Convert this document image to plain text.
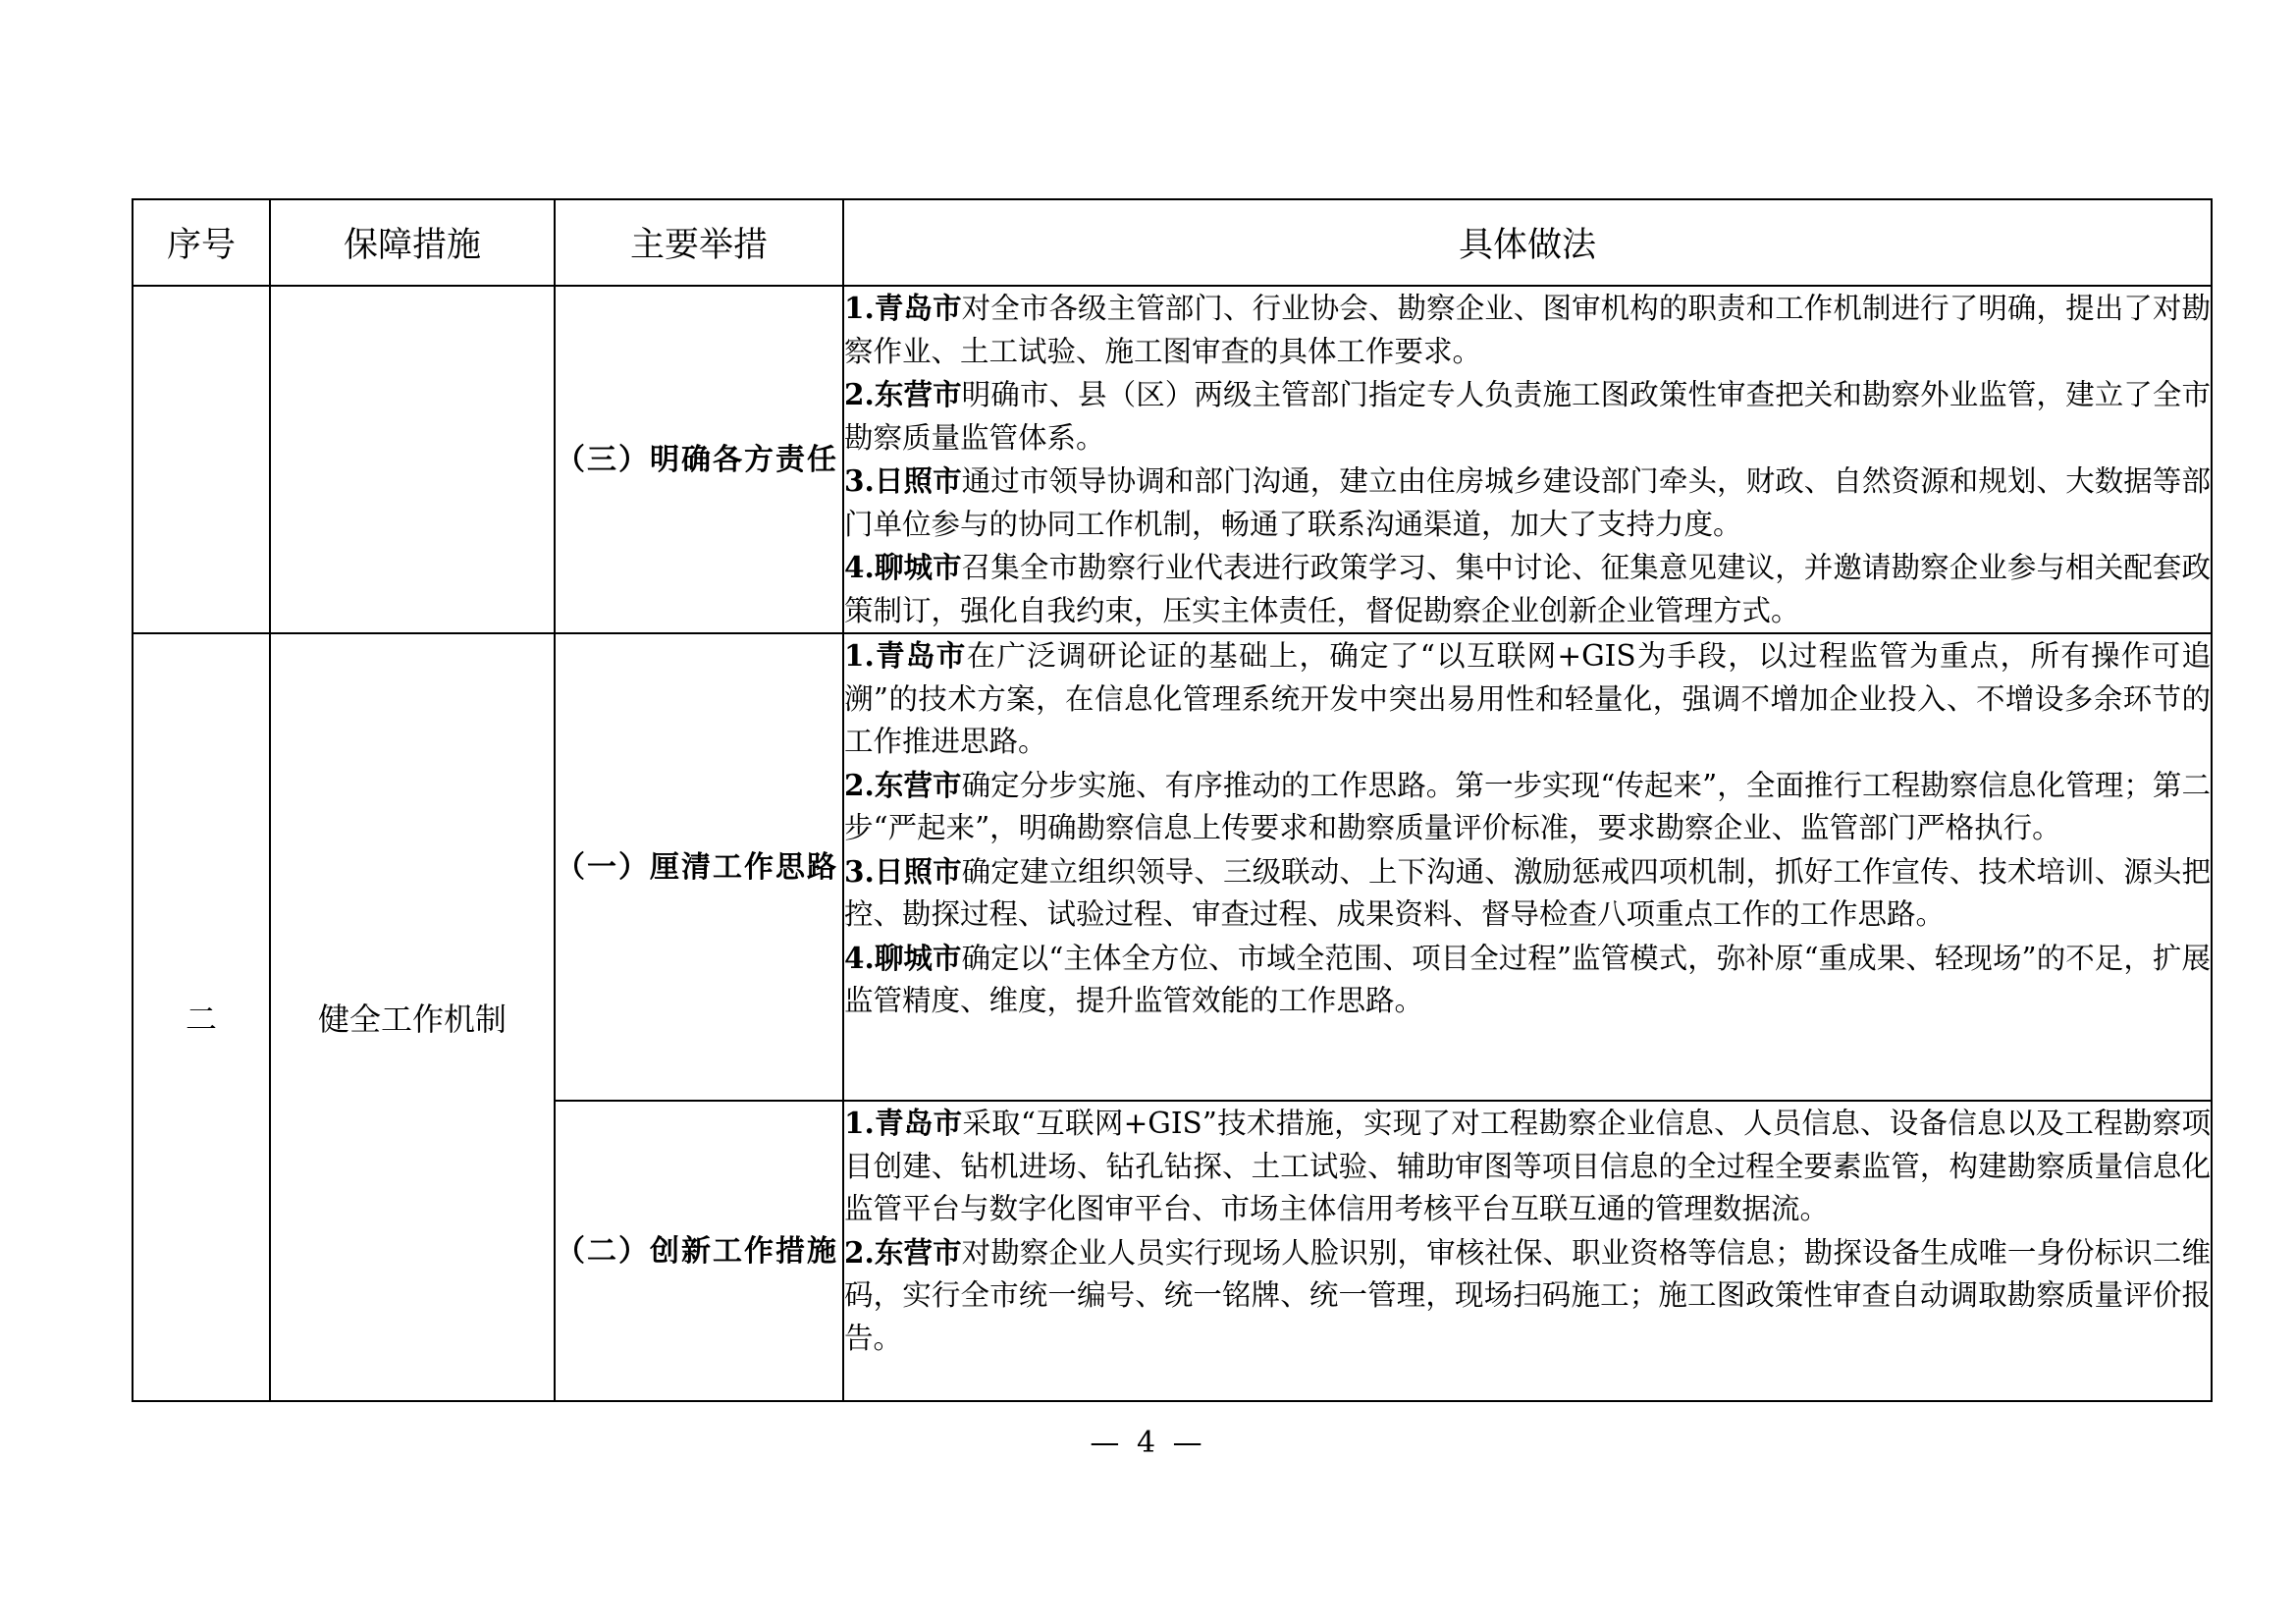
序号	保障措施	主要举措	具体做法
		（三）明确各方责任	1.青岛市对全市各级主管部门、行业协会、勘察企业、图审机构的职责和工作机制进行了明确，提出了对勘察作业、土工试验、施工图审查的具体工作要求。

2.东营市明确市、县（区）两级主管部门指定专人负责施工图政策性审查把关和勘察外业监管，建立了全市勘察质量监管体系。

3.日照市通过市领导协调和部门沟通，建立由住房城乡建设部门牵头，财政、自然资源和规划、大数据等部门单位参与的协同工作机制，畅通了联系沟通渠道，加大了支持力度。

4.聊城市召集全市勘察行业代表进行政策学习、集中讨论、征集意见建议，并邀请勘察企业参与相关配套政策制订，强化自我约束，压实主体责任，督促勘察企业创新企业管理方式。

二	健全工作机制	（一）厘清工作思路	1.青岛市在广泛调研论证的基础上，确定了“以互联网+GIS为手段，以过程监管为重点，所有操作可追溯”的技术方案，在信息化管理系统开发中突出易用性和轻量化，强调不增加企业投入、不增设多余环节的工作推进思路。

2.东营市确定分步实施、有序推动的工作思路。第一步实现“传起来”，全面推行工程勘察信息化管理；第二步“严起来”，明确勘察信息上传要求和勘察质量评价标准，要求勘察企业、监管部门严格执行。

3.日照市确定建立组织领导、三级联动、上下沟通、激励惩戒四项机制，抓好工作宣传、技术培训、源头把控、勘探过程、试验过程、审查过程、成果资料、督导检查八项重点工作的工作思路。

4.聊城市确定以“主体全方位、市域全范围、项目全过程”监管模式，弥补原“重成果、轻现场”的不足，扩展监管精度、维度，提升监管效能的工作思路。

		（二）创新工作措施	1.青岛市采取“互联网+GIS”技术措施，实现了对工程勘察企业信息、人员信息、设备信息以及工程勘察项目创建、钻机进场、钻孔钻探、土工试验、辅助审图等项目信息的全过程全要素监管，构建勘察质量信息化监管平台与数字化图审平台、市场主体信用考核平台互联互通的管理数据流。

2.东营市对勘察企业人员实行现场人脸识别，审核社保、职业资格等信息；勘探设备生成唯一身份标识二维码，实行全市统一编号、统一铭牌、统一管理，现场扫码施工；施工图政策性审查自动调取勘察质量评价报告。

— 4 —
